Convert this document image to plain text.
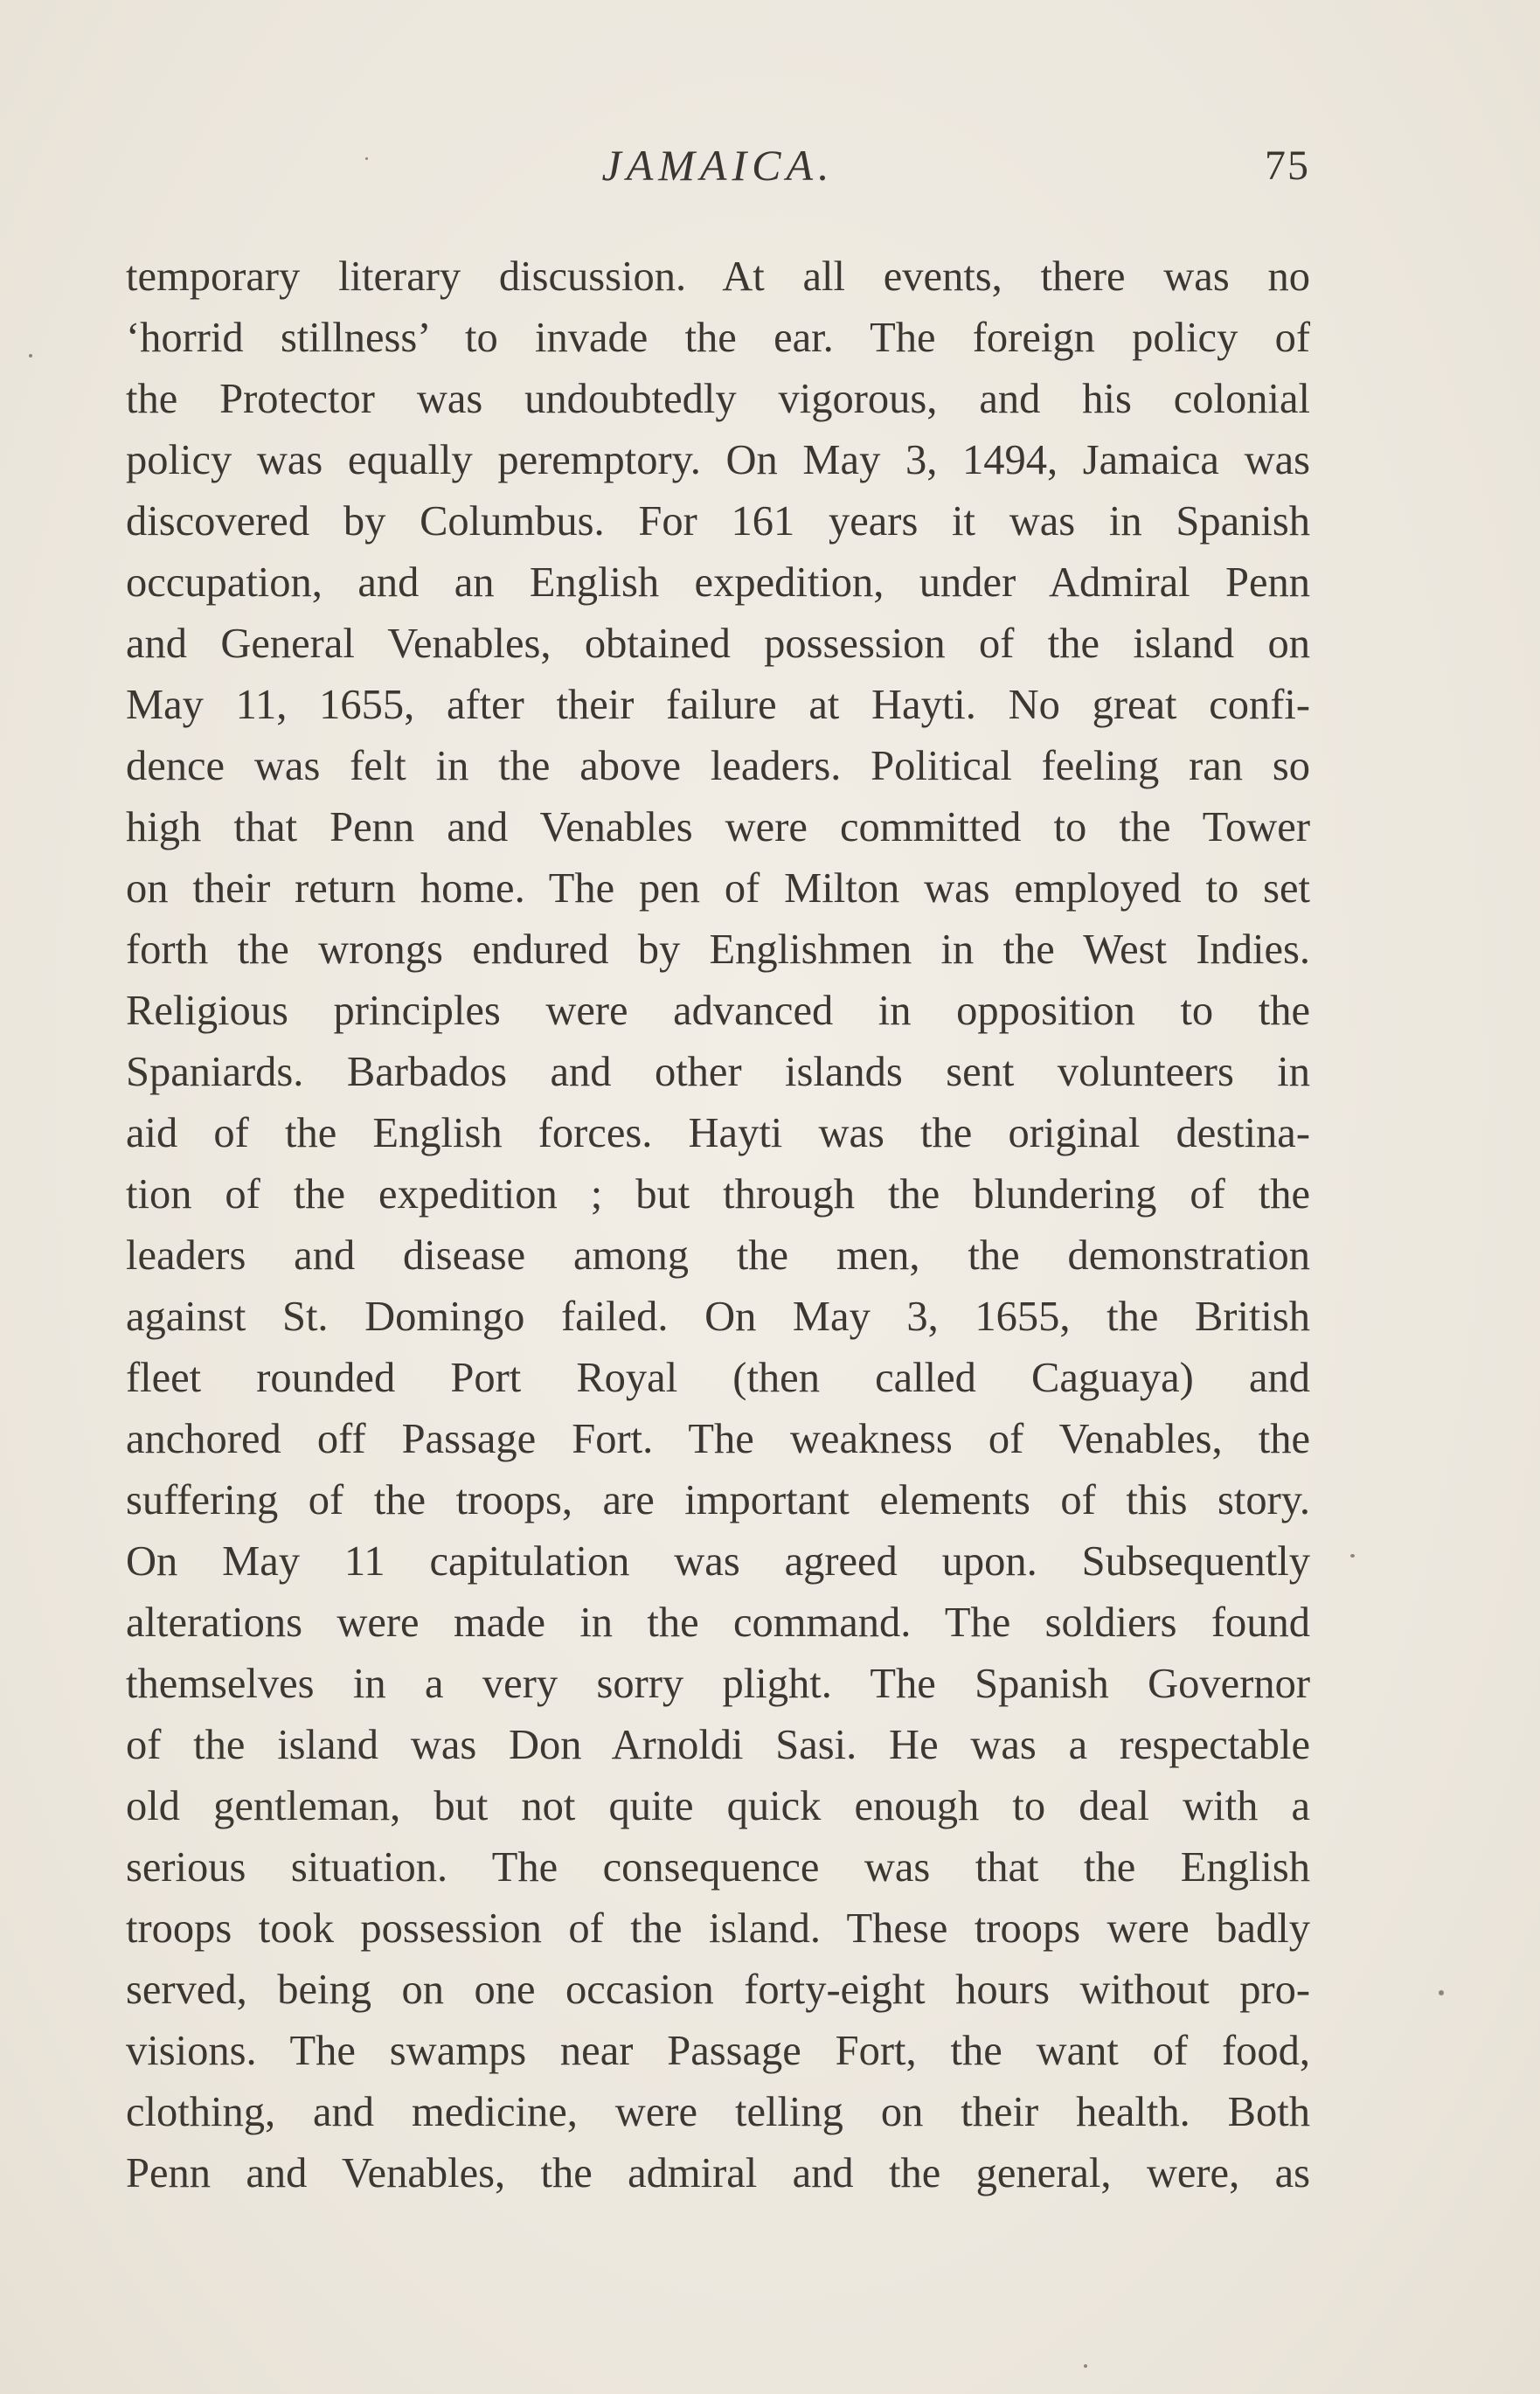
JAMAICA.	75
temporary literary discussion. At all events, there was no
‘horrid stillness’ to invade the ear. The foreign policy of
the Protector was undoubtedly vigorous, and his colonial
policy was equally peremptory. On May 3, 1494, Jamaica was
discovered by Columbus. For 161 years it was in Spanish
occupation, and an English expedition, under Admiral Penn
and General Venables, obtained possession of the island on
May 11, 1655, after their failure at Hayti. No great confi-
dence was felt in the above leaders. Political feeling ran so
high that Penn and Venables were committed to the Tower
on their return home. The pen of Milton was employed to set
forth the wrongs endured by Englishmen in the West Indies.
Religious principles were advanced in opposition to the
Spaniards. Barbados and other islands sent volunteers in
aid of the English forces. Hayti was the original destina-
tion of the expedition ; but through the blundering of the
leaders and disease among the men, the demonstration
against St. Domingo failed. On May 3, 1655, the British
fleet rounded Port Royal (then called Caguaya) and
anchored off Passage Fort. The weakness of Venables, the
suffering of the troops, are important elements of this story.
On May 11 capitulation was agreed upon. Subsequently
alterations were made in the command. The soldiers found
themselves in a very sorry plight. The Spanish Governor
of the island was Don Arnoldi Sasi. He was a respectable
old gentleman, but not quite quick enough to deal with a
serious situation. The consequence was that the English
troops took possession of the island. These troops were badly
served, being on one occasion forty-eight hours without pro-
visions. The swamps near Passage Fort, the want of food,
clothing, and medicine, were telling on their health. Both
Penn and Venables, the admiral and the general, were, as
